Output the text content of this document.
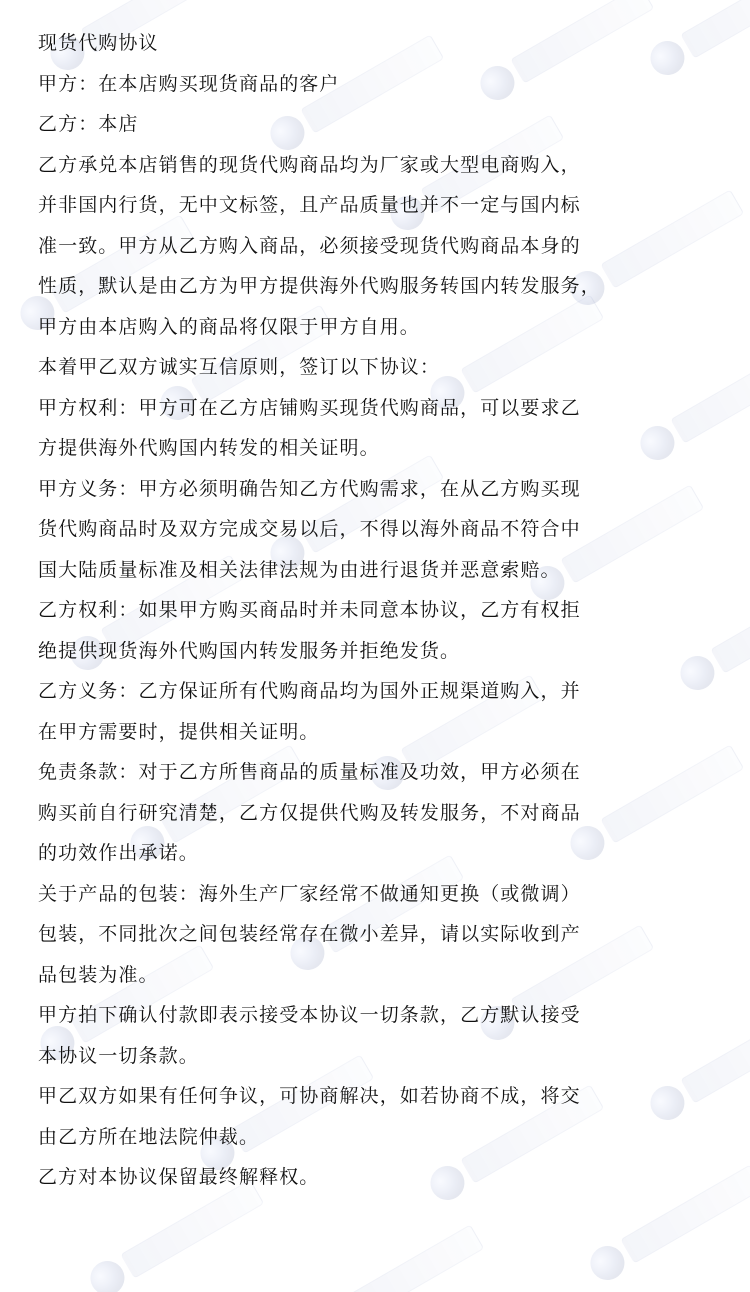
现货代购协议
甲方：在本店购买现货商品的客户
乙方：本店
乙方承兑本店销售的现货代购商品均为厂家或大型电商购入，
并非国内行货，无中文标签，且产品质量也并不一定与国内标
准一致。甲方从乙方购入商品，必须接受现货代购商品本身的
性质，默认是由乙方为甲方提供海外代购服务转国内转发服务，
甲方由本店购入的商品将仅限于甲方自用。
本着甲乙双方诚实互信原则，签订以下协议：
甲方权利：甲方可在乙方店铺购买现货代购商品，可以要求乙
方提供海外代购国内转发的相关证明。
甲方义务：甲方必须明确告知乙方代购需求，在从乙方购买现
货代购商品时及双方完成交易以后，不得以海外商品不符合中
国大陆质量标准及相关法律法规为由进行退货并恶意索赔。
乙方权利：如果甲方购买商品时并未同意本协议，乙方有权拒
绝提供现货海外代购国内转发服务并拒绝发货。
乙方义务：乙方保证所有代购商品均为国外正规渠道购入，并
在甲方需要时，提供相关证明。
免责条款：对于乙方所售商品的质量标准及功效，甲方必须在
购买前自行研究清楚，乙方仅提供代购及转发服务，不对商品
的功效作出承诺。
关于产品的包装：海外生产厂家经常不做通知更换（或微调）
包装，不同批次之间包装经常存在微小差异，请以实际收到产
品包装为准。
甲方拍下确认付款即表示接受本协议一切条款，乙方默认接受
本协议一切条款。
甲乙双方如果有任何争议，可协商解决，如若协商不成，将交
由乙方所在地法院仲裁。
乙方对本协议保留最终解释权。
